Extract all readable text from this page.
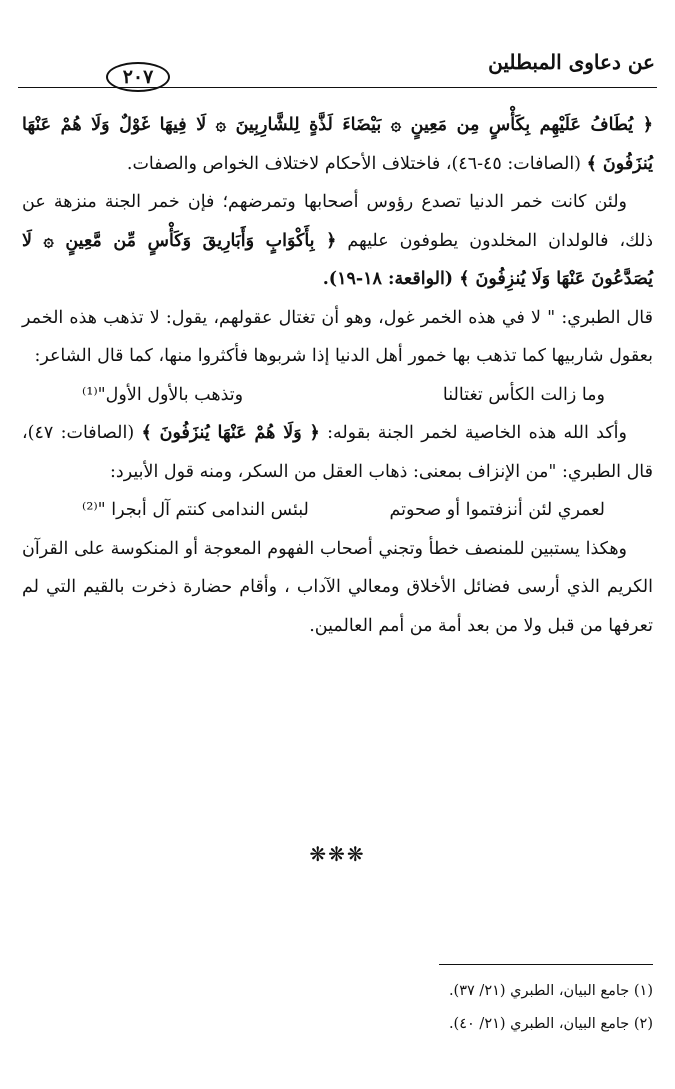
عن دعاوى المبطلين
٢٠٧

﴿ يُطَافُ عَلَيْهِم بِكَأْسٍ مِن مَعِينٍ ۞ بَيْضَاءَ لَذَّةٍ لِلشَّارِبِينَ ۞ لَا فِيهَا غَوْلٌ وَلَا هُمْ عَنْهَا يُنزَفُونَ ﴾ (الصافات: ٤٥-٤٦)، فاختلاف الأحكام لاختلاف الخواص والصفات.

ولئن كانت خمر الدنيا تصدع رؤوس أصحابها وتمرضهم؛ فإن خمر الجنة منزهة عن ذلك، فالولدان المخلدون يطوفون عليهم ﴿ بِأَكْوَابٍ وَأَبَارِيقَ وَكَأْسٍ مِّن مَّعِينٍ ۞ لَا يُصَدَّعُونَ عَنْهَا وَلَا يُنزِفُونَ ﴾ (الواقعة: ١٨-١٩).

قال الطبري: " لا في هذه الخمر غول، وهو أن تغتال عقولهم، يقول: لا تذهب هذه الخمر بعقول شاربيها كما تذهب بها خمور أهل الدنيا إذا شربوها فأكثروا منها، كما قال الشاعر:

وما زالت الكأس تغتالنا
وتذهب بالأول الأول"⁽¹⁾

وأكد الله هذه الخاصية لخمر الجنة بقوله: ﴿ وَلَا هُمْ عَنْهَا يُنزَفُونَ ﴾ (الصافات: ٤٧)، قال الطبري: "من الإنزاف بمعنى: ذهاب العقل من السكر، ومنه قول الأبيرد:

لعمري لئن أنزفتموا أو صحوتم
لبئس الندامى كنتم آل أبجرا "⁽²⁾

وهكذا يستبين للمنصف خطأ وتجني أصحاب الفهوم المعوجة أو المنكوسة على القرآن الكريم الذي أرسى فضائل الأخلاق ومعالي الآداب ، وأقام حضارة ذخرت بالقيم التي لم تعرفها من قبل ولا من بعد أمة من أمم العالمين.

❋❋❋
(١) جامع البيان، الطبري (٢١/ ٣٧).
(٢) جامع البيان، الطبري (٢١/ ٤٠).
